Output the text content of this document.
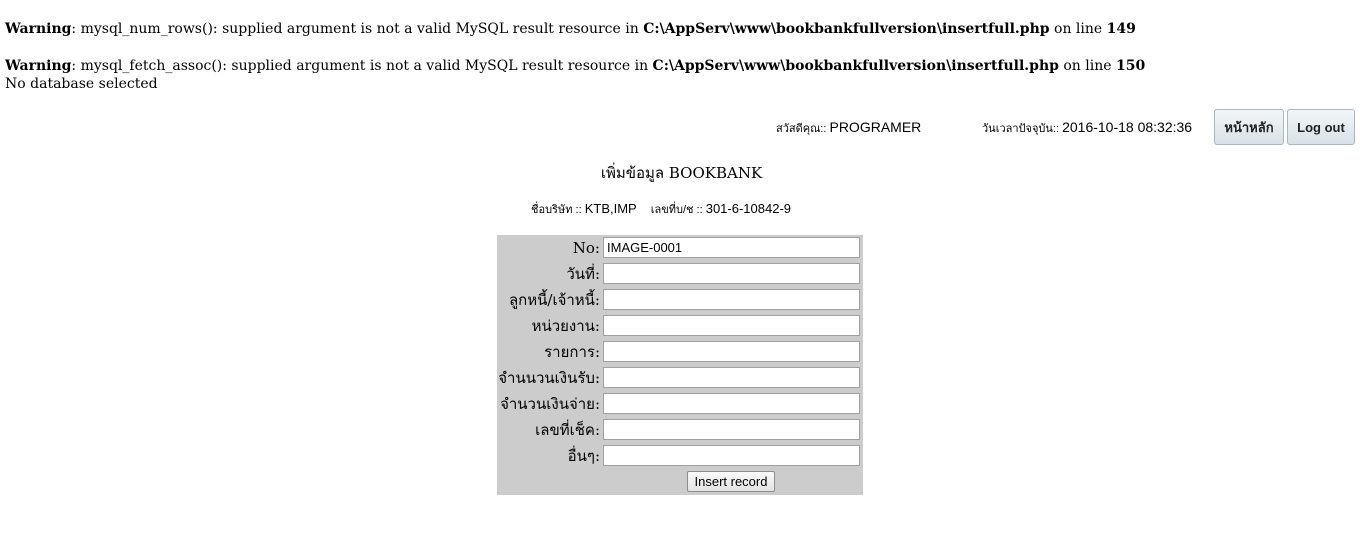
Warning: mysql_num_rows(): supplied argument is not a valid MySQL result resource in C:\AppServ\www\bookbankfullversion\insertfull.php on line 149
Warning: mysql_fetch_assoc(): supplied argument is not a valid MySQL result resource in C:\AppServ\www\bookbankfullversion\insertfull.php on line 150
No database selected
สวัสดีคุณ:: PROGRAMER	วันเวลาปัจจุบัน:: 2016-10-18 08:32:36	หน้าหลัก	Log out
เพิ่มข้อมูล BOOKBANK
ชื่อบริษัท :: KTB,IMP เลขที่บ/ช :: 301-6-10842-9
No:
IMAGE-0001
วันที่:
ลูกหนี้/เจ้าหนี้:
หน่วยงาน:
รายการ:
จำนนวนเงินรับ:
จำนวนเงินจ่าย:
เลขที่เช็ค:
อื่นๆ:
Insert record
